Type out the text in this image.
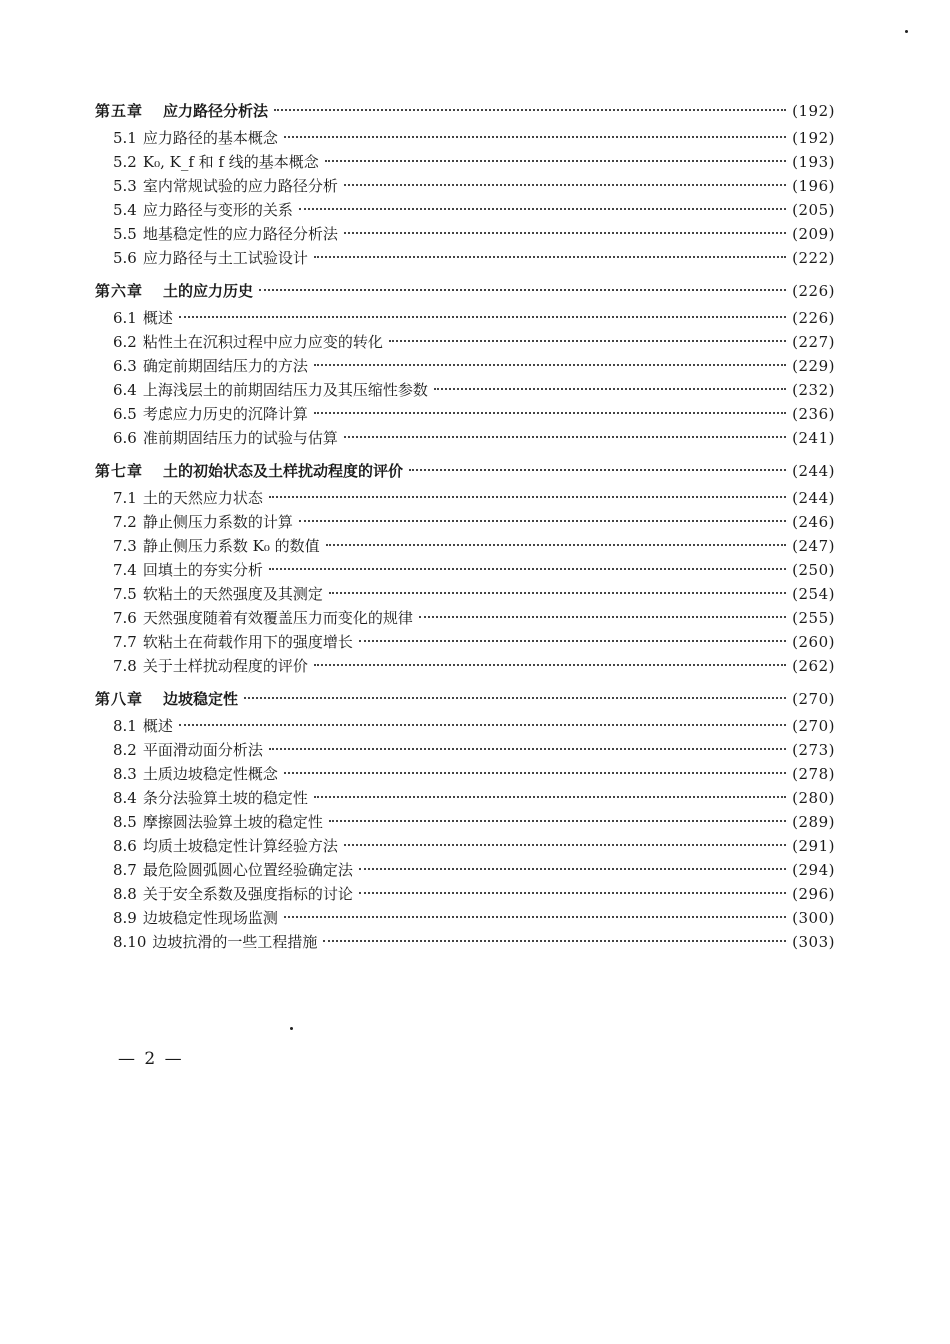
第五章 应力路径分析法	(192)
5.1 应力路径的基本概念	(192)
5.2 K₀, K_f 和 f 线的基本概念	(193)
5.3 室内常规试验的应力路径分析	(196)
5.4 应力路径与变形的关系	(205)
5.5 地基稳定性的应力路径分析法	(209)
5.6 应力路径与土工试验设计	(222)
第六章 土的应力历史	(226)
6.1 概述	(226)
6.2 粘性土在沉积过程中应力应变的转化	(227)
6.3 确定前期固结压力的方法	(229)
6.4 上海浅层土的前期固结压力及其压缩性参数	(232)
6.5 考虑应力历史的沉降计算	(236)
6.6 准前期固结压力的试验与估算	(241)
第七章 土的初始状态及土样扰动程度的评价	(244)
7.1 土的天然应力状态	(244)
7.2 静止侧压力系数的计算	(246)
7.3 静止侧压力系数 K₀ 的数值	(247)
7.4 回填土的夯实分析	(250)
7.5 软粘土的天然强度及其测定	(254)
7.6 天然强度随着有效覆盖压力而变化的规律	(255)
7.7 软粘土在荷载作用下的强度增长	(260)
7.8 关于土样扰动程度的评价	(262)
第八章 边坡稳定性	(270)
8.1 概述	(270)
8.2 平面滑动面分析法	(273)
8.3 土质边坡稳定性概念	(278)
8.4 条分法验算土坡的稳定性	(280)
8.5 摩擦圆法验算土坡的稳定性	(289)
8.6 均质土坡稳定性计算经验方法	(291)
8.7 最危险圆弧圆心位置经验确定法	(294)
8.8 关于安全系数及强度指标的讨论	(296)
8.9 边坡稳定性现场监测	(300)
8.10 边坡抗滑的一些工程措施	(303)
— 2 —
